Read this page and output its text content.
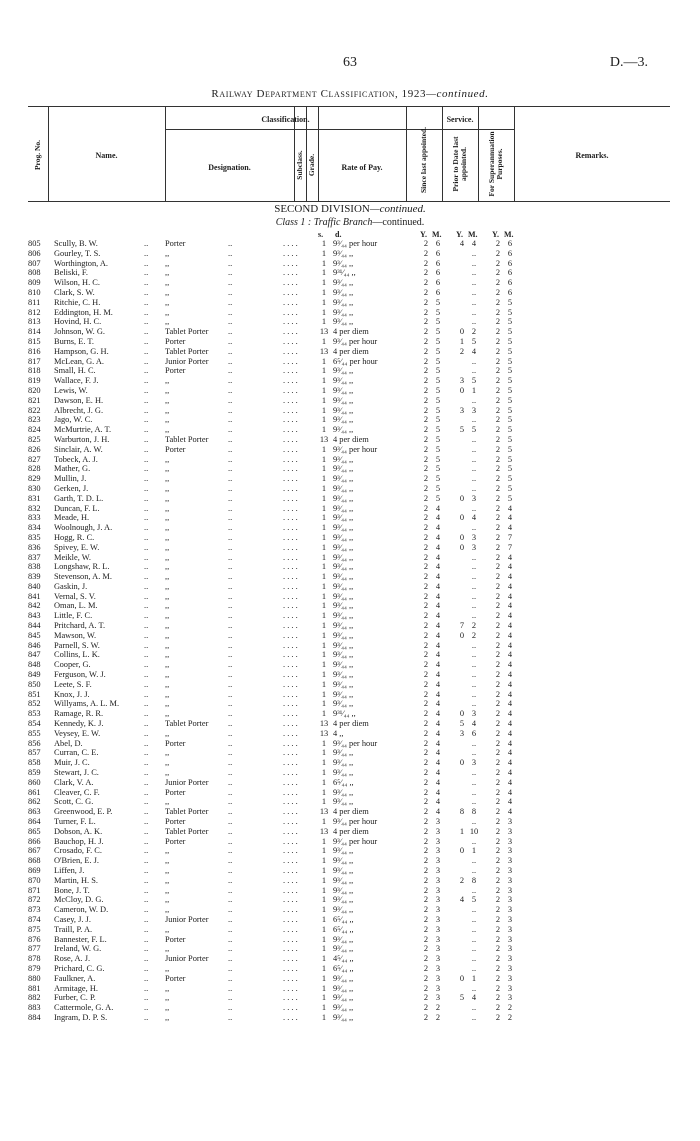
63	D.—3.
Railway Department Classification, 1923—continued.
Prog. No.	Name.
Classification.
Designation.	Subclass. Grade.	Rate of Pay.
Service.
Since last appointed.	Prior to Date last appointed.	For Superannuation Purposes.	Remarks.
SECOND DIVISION—continued.
Class 1 : Traffic Branch—continued.
s. d.	Y. M. Y. M. Y. M.
805	Scully, B. W.	.. Porter	..	. . . .	1 9³⁄₄₄ per hour	2 6	4 4	2 6
806	Gourley, T. S.	.. ,,	..	. . . .	1 9³⁄₄₄ ,,	2 6	..	2 6
807	Worthington, A.	.. ,,	..	. . . .	1 9³⁄₄₄ ,,	2 6	..	2 6
808	Beliski, F.	.. ,,	..	. . . .	1 9³¹⁄₄₄ ,,	2 6	..	2 6
809	Wilson, H. C.	.. ,,	..	. . . .	1 9³⁄₄₄ ,,	2 6	..	2 6
810	Clark, S. W.	.. ,,	..	. . . .	1 9³⁄₄₄ ,,	2 6	..	2 6
811	Ritchie, C. H.	.. ,,	..	. . . .	1 9³⁄₄₄ ,,	2 5	..	2 5
812	Eddington, H. M.	.. ,,	..	. . . .	1 9³⁄₄₄ ,,	2 5	..	2 5
813	Hovind, H. C.	.. ,,	..	. . . .	1 9³⁄₄₄ ,,	2 5	..	2 5
814	Johnson, W. G.	.. Tablet Porter	..	. . . .	13 4 per diem	2 5	0 2	2 5
815	Burns, E. T.	.. Porter	..	. . . .	1 9³⁄₄₄ per hour	2 5	1 5	2 5
816	Hampson, G. H.	.. Tablet Porter	..	. . . .	13 4 per diem	2 5	2 4	2 5
817	McLean, G. A.	.. Junior Porter	..	. . . .	1 6⁵⁄₄₄ per hour	2 5	..	2 5
818	Small, H. C.	.. Porter	..	. . . .	1 9³⁄₄₄ ,,	2 5	..	2 5
819	Wallace, F. J.	.. ,,	..	. . . .	1 9³⁄₄₄ ,,	2 5	3 5	2 5
820	Lewis, W.	.. ,,	..	. . . .	1 9³⁄₄₄ ,,	2 5	0 1	2 5
821	Dawson, E. H.	.. ,,	..	. . . .	1 9³⁄₄₄ ,,	2 5	..	2 5
822	Albrecht, J. G.	.. ,,	..	. . . .	1 9³⁄₄₄ ,,	2 5	3 3	2 5
823	Jago, W. C.	.. ,,	..	. . . .	1 9³⁄₄₄ ,,	2 5	..	2 5
824	McMurtrie, A. T.	.. ,,	..	. . . .	1 9³⁄₄₄ ,,	2 5	5 5	2 5
825	Warburton, J. H.	.. Tablet Porter	..	. . . .	13 4 per diem	2 5	..	2 5
826	Sinclair, A. W.	.. Porter	..	. . . .	1 9³⁄₄₄ per hour	2 5	..	2 5
827	Tobeck, A. J.	.. ,,	..	. . . .	1 9³⁄₄₄ ,,	2 5	..	2 5
828	Mather, G.	.. ,,	..	. . . .	1 9³⁄₄₄ ,,	2 5	..	2 5
829	Mullin, J.	.. ,,	..	. . . .	1 9³⁄₄₄ ,,	2 5	..	2 5
830	Gerken, J.	.. ,,	..	. . . .	1 9³⁄₄₄ ,,	2 5	..	2 5
831	Garth, T. D. L.	.. ,,	..	. . . .	1 9³⁄₄₄ ,,	2 5	0 3	2 5
832	Duncan, F. L.	.. ,,	..	. . . .	1 9³⁄₄₄ ,,	2 4	..	2 4
833	Meade, H.	.. ,,	..	. . . .	1 9³⁄₄₄ ,,	2 4	0 4	2 4
834	Woolnough, J. A.	.. ,,	..	. . . .	1 9³⁄₄₄ ,,	2 4	..	2 4
835	Hogg, R. C.	.. ,,	..	. . . .	1 9³⁄₄₄ ,,	2 4	0 3	2 7
836	Spivey, E. W.	.. ,,	..	. . . .	1 9³⁄₄₄ ,,	2 4	0 3	2 7
837	Meikle, W.	.. ,,	..	. . . .	1 9³⁄₄₄ ,,	2 4	..	2 4
838	Longshaw, R. L.	.. ,,	..	. . . .	1 9³⁄₄₄ ,,	2 4	..	2 4
839	Stevenson, A. M.	.. ,,	..	. . . .	1 9³⁄₄₄ ,,	2 4	..	2 4
840	Gaskin, J.	.. ,,	..	. . . .	1 9³⁄₄₄ ,,	2 4	..	2 4
841	Vernal, S. V.	.. ,,	..	. . . .	1 9³⁄₄₄ ,,	2 4	..	2 4
842	Oman, L. M.	.. ,,	..	. . . .	1 9³⁄₄₄ ,,	2 4	..	2 4
843	Little, F. C.	.. ,,	..	. . . .	1 9³⁄₄₄ ,,	2 4	..	2 4
844	Pritchard, A. T.	.. ,,	..	. . . .	1 9³⁄₄₄ ,,	2 4	7 2	2 4
845	Mawson, W.	.. ,,	..	. . . .	1 9³⁄₄₄ ,,	2 4	0 2	2 4
846	Parnell, S. W.	.. ,,	..	. . . .	1 9³⁄₄₄ ,,	2 4	..	2 4
847	Collins, L. K.	.. ,,	..	. . . .	1 9³⁄₄₄ ,,	2 4	..	2 4
848	Cooper, G.	.. ,,	..	. . . .	1 9³⁄₄₄ ,,	2 4	..	2 4
849	Ferguson, W. J.	.. ,,	..	. . . .	1 9³⁄₄₄ ,,	2 4	..	2 4
850	Leete, S. F.	.. ,,	..	. . . .	1 9³⁄₄₄ ,,	2 4	..	2 4
851	Knox, J. J.	.. ,,	..	. . . .	1 9³⁄₄₄ ,,	2 4	..	2 4
852	Willyams, A. L. M.	.. ,,	..	. . . .	1 9³⁄₄₄ ,,	2 4	..	2 4
853	Ramage, R. R.	.. ,,	..	. . . .	1 9³¹⁄₄₄ ,,	2 4	0 3	2 4
854	Kennedy, K. J.	.. Tablet Porter	..	. . . .	13 4 per diem	2 4	5 4	2 4
855	Veysey, E. W.	.. ,,	..	. . . .	13 4 ,,	2 4	3 6	2 4
856	Abel, D.	.. Porter	..	. . . .	1 9³⁄₄₄ per hour	2 4	..	2 4
857	Curran, C. E.	.. ,,	..	. . . .	1 9³⁄₄₄ ,,	2 4	..	2 4
858	Muir, J. C.	.. ,,	..	. . . .	1 9³⁄₄₄ ,,	2 4	0 3	2 4
859	Stewart, J. C.	.. ,,	..	. . . .	1 9³⁄₄₄ ,,	2 4	..	2 4
860	Clark, V. A.	.. Junior Porter	..	. . . .	1 6⁵⁄₄₄ ,,	2 4	..	2 4
861	Cleaver, C. F.	.. Porter	..	. . . .	1 9³⁄₄₄ ,,	2 4	..	2 4
862	Scott, C. G.	.. ,,	..	. . . .	1 9³⁄₄₄ ,,	2 4	..	2 4
863	Greenwood, E. P.	.. Tablet Porter	..	. . . .	13 4 per diem	2 4	8 8	2 4
864	Turner, F. L.	.. Porter	..	. . . .	1 9³⁄₄₄ per hour	2 3	..	2 3
865	Dobson, A. K.	.. Tablet Porter	..	. . . .	13 4 per diem	2 3	1 10	2 3
866	Bauchop, H. J.	.. Porter	..	. . . .	1 9³⁄₄₄ per hour	2 3	..	2 3
867	Crosado, F. C.	.. ,,	..	. . . .	1 9³⁄₄₄ ,,	2 3	0 1	2 3
868	O'Brien, E. J.	.. ,,	..	. . . .	1 9³⁄₄₄ ,,	2 3	..	2 3
869	Liffen, J.	.. ,,	..	. . . .	1 9³⁄₄₄ ,,	2 3	..	2 3
870	Martin, H. S.	.. ,,	..	. . . .	1 9³⁄₄₄ ,,	2 3	2 8	2 3
871	Bone, J. T.	.. ,,	..	. . . .	1 9³⁄₄₄ ,,	2 3	..	2 3
872	McCloy, D. G.	.. ,,	..	. . . .	1 9³⁄₄₄ ,,	2 3	4 5	2 3
873	Cameron, W. D.	.. ,,	..	. . . .	1 9³⁄₄₄ ,,	2 3	..	2 3
874	Casey, J. J.	.. Junior Porter	..	. . . .	1 6⁵⁄₄₄ ,,	2 3	..	2 3
875	Traill, P. A.	.. ,,	..	. . . .	1 6⁵⁄₄₄ ,,	2 3	..	2 3
876	Bannester, F. L.	.. Porter	..	. . . .	1 9³⁄₄₄ ,,	2 3	..	2 3
877	Ireland, W. G.	.. ,,	..	. . . .	1 9³⁄₄₄ ,,	2 3	..	2 3
878	Rose, A. J.	.. Junior Porter	..	. . . .	1 4⁵⁄₄₄ ,,	2 3	..	2 3
879	Prichard, C. G.	.. ,,	..	. . . .	1 6⁵⁄₄₄ ,,	2 3	..	2 3
880	Faulkner, A.	.. Porter	..	. . . .	1 9³⁄₄₄ ,,	2 3	0 1	2 3
881	Armitage, H.	.. ,,	..	. . . .	1 9³⁄₄₄ ,,	2 3	..	2 3
882	Furber, C. P.	.. ,,	..	. . . .	1 9³⁄₄₄ ,,	2 3	5 4	2 3
883	Cattermole, G. A.	.. ,,	..	. . . .	1 9³⁄₄₄ ,,	2 2	..	2 2
884	Ingram, D. P. S.	.. ,,	..	. . . .	1 9³⁄₄₄ ,,	2 2	..	2 2
